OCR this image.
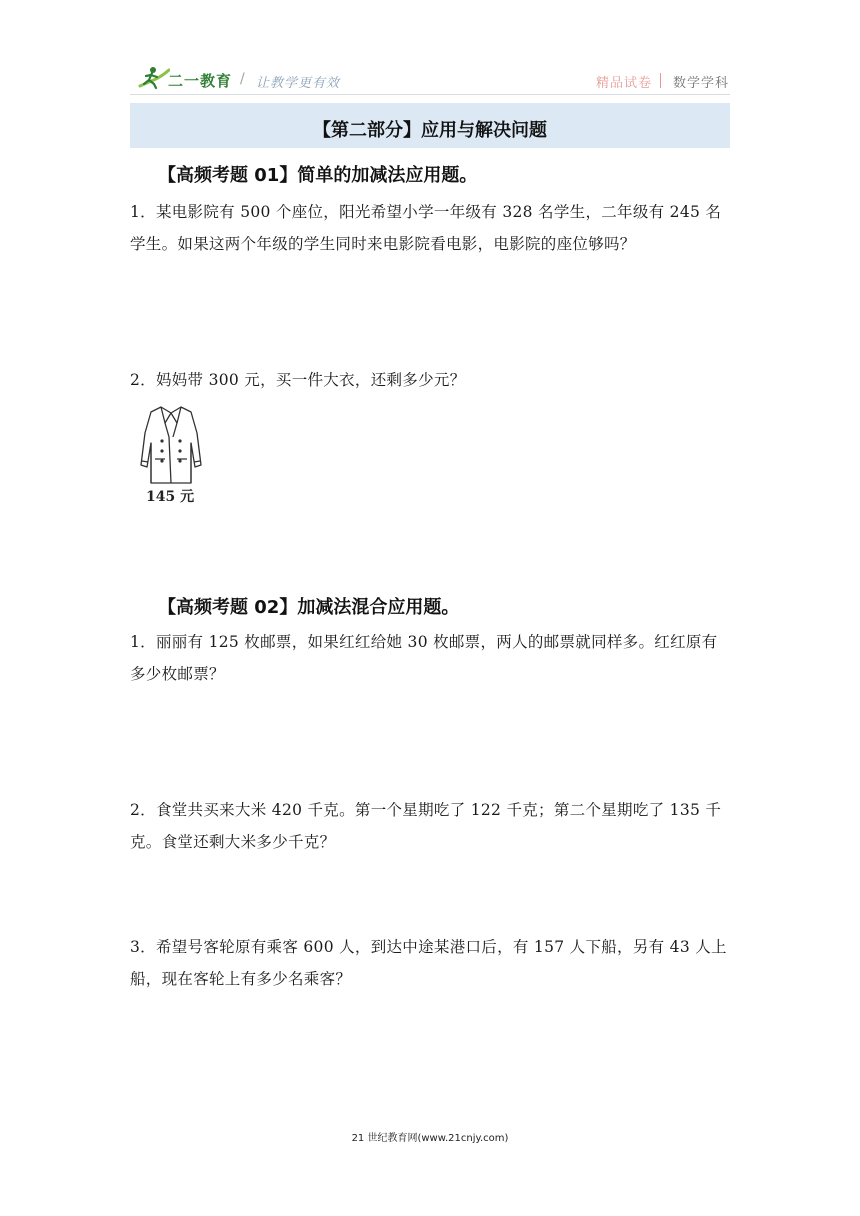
二一教育 / 让教学更有效	精品试卷 数学学科
【第二部分】应用与解决问题
【高频考题 01】简单的加减法应用题。
1．某电影院有 500 个座位，阳光希望小学一年级有 328 名学生，二年级有 245 名学生。如果这两个年级的学生同时来电影院看电影，电影院的座位够吗？
2．妈妈带 300 元，买一件大衣，还剩多少元？
145 元
【高频考题 02】加减法混合应用题。
1．丽丽有 125 枚邮票，如果红红给她 30 枚邮票，两人的邮票就同样多。红红原有多少枚邮票？
2．食堂共买来大米 420 千克。第一个星期吃了 122 千克；第二个星期吃了 135 千克。食堂还剩大米多少千克？
3．希望号客轮原有乘客 600 人，到达中途某港口后，有 157 人下船，另有 43 人上船，现在客轮上有多少名乘客？
21 世纪教育网(www.21cnjy.com)
